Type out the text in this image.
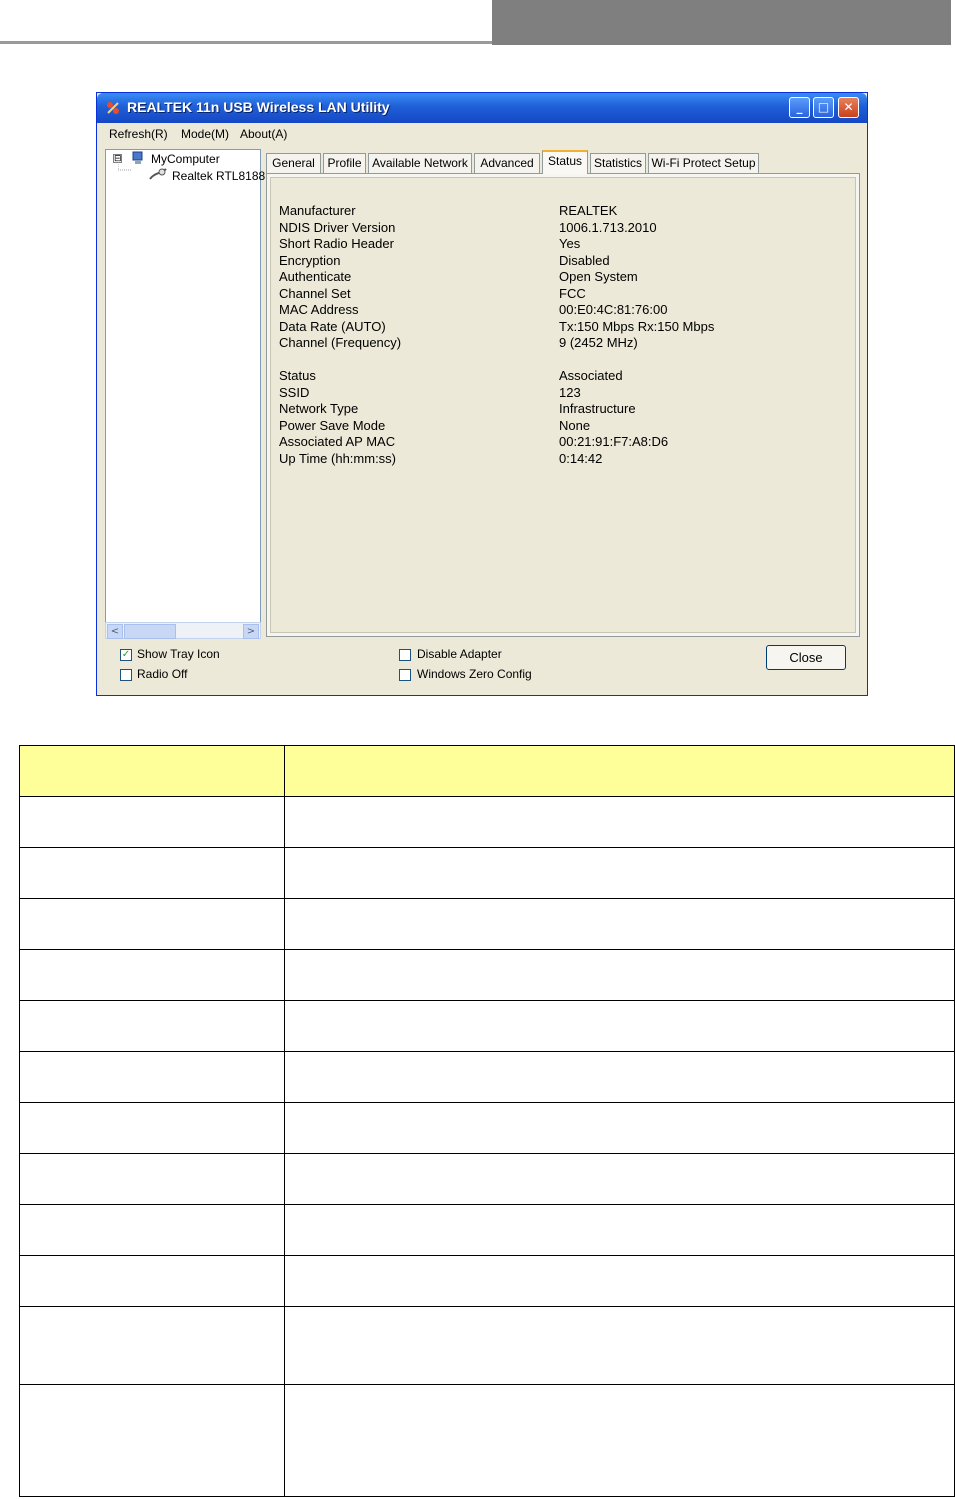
REALTEK 11n USB Wireless LAN Utility	_	□	✕
Refresh(R) Mode(M) About(A)
⊟ MyComputer
Realtek RTL8188
<	>
General	Profile Available Network	Advanced	Status Statistics Wi-Fi Protect Setup
Manufacturer	REALTEK
NDIS Driver Version	1006.1.713.2010
Short Radio Header	Yes
Encryption	Disabled
Authenticate	Open System
Channel Set	FCC
MAC Address	00:E0:4C:81:76:00
Data Rate (AUTO)	Tx:150 Mbps Rx:150 Mbps
Channel (Frequency)	9 (2452 MHz)
Status	Associated
SSID	123
Network Type	Infrastructure
Power Save Mode	None
Associated AP MAC	00:21:91:F7:A8:D6
Up Time (hh:mm:ss)	0:14:42
✓ Show Tray Icon
Radio Off
Disable Adapter
Windows Zero Config
Close
